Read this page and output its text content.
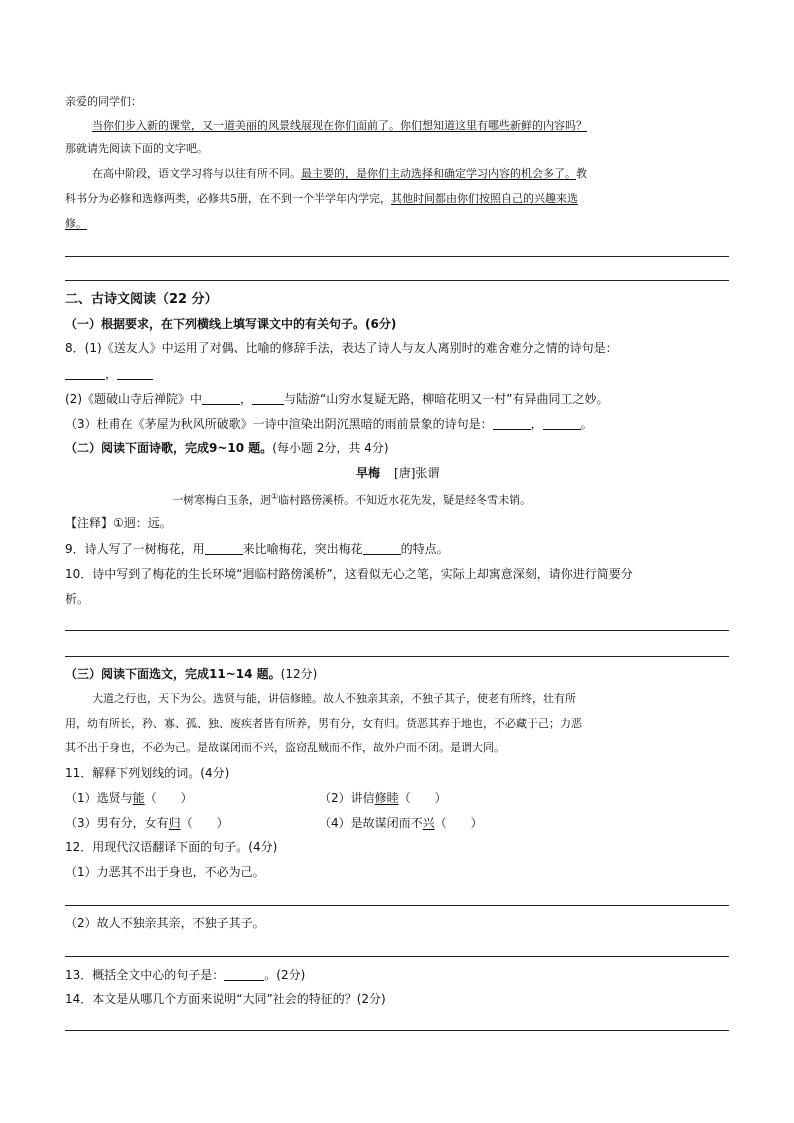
亲爱的同学们：
当你们步入新的课堂，又一道美丽的风景线展现在你们面前了。你们想知道这里有哪些新鲜的内容吗？
那就请先阅读下面的文字吧。
在高中阶段，语文学习将与以往有所不同。最主要的，是你们主动选择和确定学习内容的机会多了。教
科书分为必修和选修两类，必修共5册，在不到一个半学年内学完，其他时间都由你们按照自己的兴趣来选
修。
二、古诗文阅读（22 分）
（一）根据要求，在下列横线上填写课文中的有关句子。(6分)
8．(1)《送友人》中运用了对偶、比喻的修辞手法，表达了诗人与友人离别时的难舍难分之情的诗句是：
，
(2)《题破山寺后禅院》中	，	与陆游“山穷水复疑无路，柳暗花明又一村”有异曲同工之妙。
（3）杜甫在《茅屋为秋风所破歌》一诗中渲染出阴沉黑暗的雨前景象的诗句是：	，	。
（二）阅读下面诗歌，完成9~10 题。(每小题 2分，共 4分)
早梅 [唐]张谓
一树寒梅白玉条，迥①临村路傍溪桥。不知近水花先发，疑是经冬雪未销。
【注释】①迥：远。
9．诗人写了一树梅花，用	来比喻梅花，突出梅花	的特点。
10．诗中写到了梅花的生长环境“迥临村路傍溪桥”，这看似无心之笔，实际上却寓意深刻，请你进行简要分
析。
（三）阅读下面选文，完成11~14 题。(12分)
大道之行也，天下为公。选贤与能，讲信修睦。故人不独亲其亲，不独子其子，使老有所终，壮有所
用，幼有所长，矜、寡、孤、独、废疾者皆有所养，男有分，女有归。货恶其弃于地也，不必藏于己；力恶
其不出于身也，不必为己。是故谋闭而不兴，盗窃乱贼而不作，故外户而不闭。是谓大同。
11．解释下列划线的词。(4分)
（1）选贤与能（　　）	（2）讲信修睦（　　）
（3）男有分，女有归（　　）	（4）是故谋闭而不兴（　　）
12．用现代汉语翻译下面的句子。(4分)
（1）力恶其不出于身也，不必为己。
（2）故人不独亲其亲，不独子其子。
13．概括全文中心的句子是：	。(2分)
14．本文是从哪几个方面来说明“大同”社会的特征的？(2分)
